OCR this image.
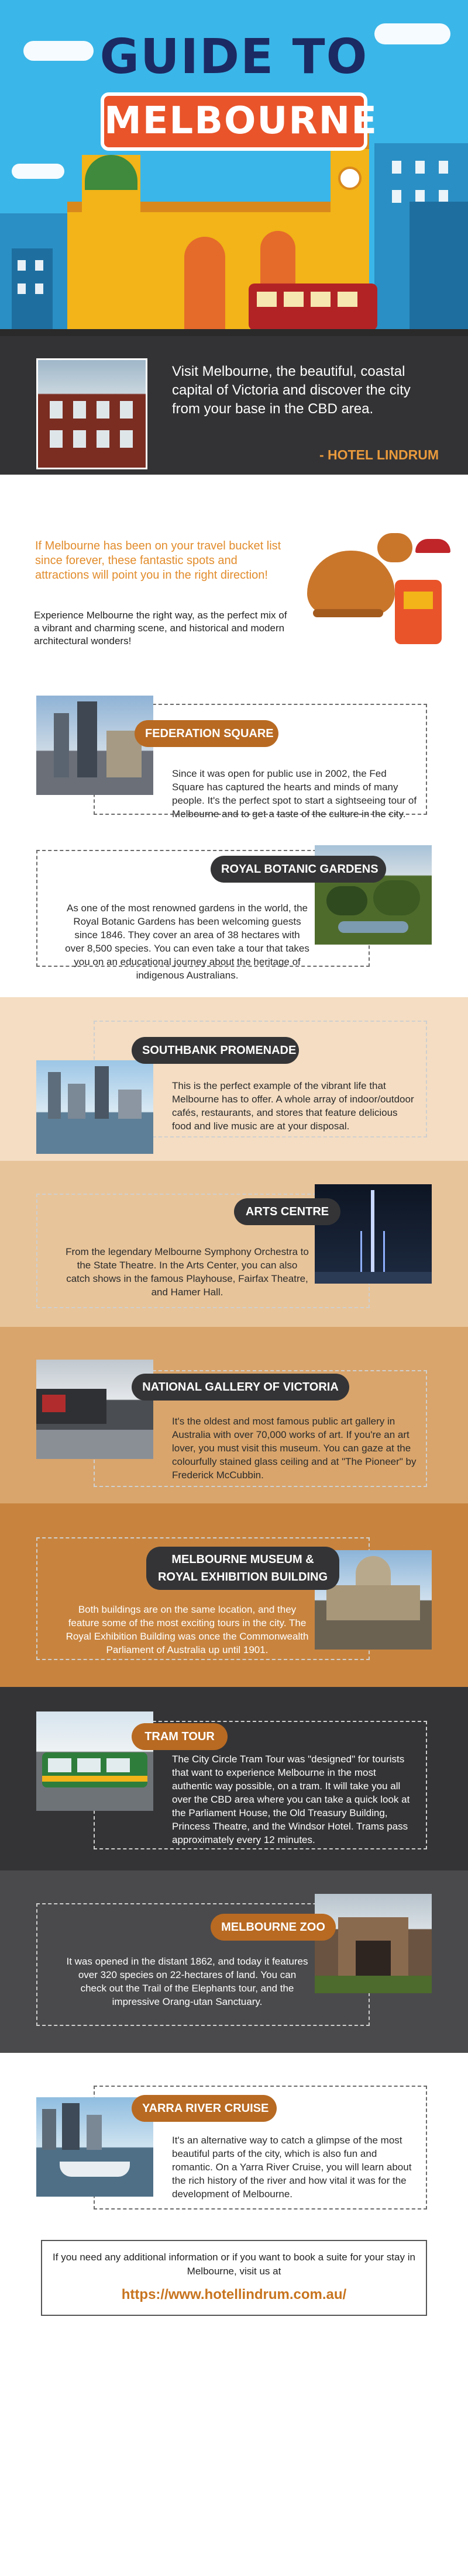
GUIDE TO
MELBOURNE
Visit Melbourne, the beautiful, coastal capital of Victoria and discover the city from your base in the CBD area.
- HOTEL LINDRUM
If Melbourne has been on your travel bucket list since forever, these fantastic spots and attractions will point you in the right direction!
Experience Melbourne the right way, as the perfect mix of a vibrant and charming scene, and historical and modern architectural wonders!
FEDERATION SQUARE
Since it was open for public use in 2002, the Fed Square has captured the hearts and minds of many people. It's the perfect spot to start a sightseeing tour of Melbourne and to get a taste of the culture in the city.
ROYAL BOTANIC GARDENS
As one of the most renowned gardens in the world, the Royal Botanic Gardens has been welcoming guests since 1846. They cover an area of 38 hectares with over 8,500 species. You can even take a tour that takes you on an educational journey about the heritage of indigenous Australians.
SOUTHBANK PROMENADE
This is the perfect example of the vibrant life that Melbourne has to offer. A whole array of indoor/outdoor cafés, restaurants, and stores that feature delicious food and live music are at your disposal.
ARTS CENTRE
From the legendary Melbourne Symphony Orchestra to the State Theatre. In the Arts Center, you can also catch shows in the famous Playhouse, Fairfax Theatre, and Hamer Hall.
NATIONAL GALLERY OF VICTORIA
It's the oldest and most famous public art gallery in Australia with over 70,000 works of art. If you're an art lover, you must visit this museum. You can gaze at the colourfully stained glass ceiling and at "The Pioneer" by Frederick McCubbin.
MELBOURNE MUSEUM &
ROYAL EXHIBITION BUILDING
Both buildings are on the same location, and they feature some of the most exciting tours in the city. The Royal Exhibition Building was once the Commonwealth Parliament of Australia up until 1901.
TRAM TOUR
The City Circle Tram Tour was "designed" for tourists that want to experience Melbourne in the most authentic way possible, on a tram. It will take you all over the CBD area where you can take a quick look at the Parliament House, the Old Treasury Building, Princess Theatre, and the Windsor Hotel. Trams pass approximately every 12 minutes.
MELBOURNE ZOO
It was opened in the distant 1862, and today it features over 320 species on 22-hectares of land. You can check out the Trail of the Elephants tour, and the impressive Orang-utan Sanctuary.
YARRA RIVER CRUISE
It's an alternative way to catch a glimpse of the most beautiful parts of the city, which is also fun and romantic. On a Yarra River Cruise, you will learn about the rich history of the river and how vital it was for the development of Melbourne.
If you need any additional information or if you want to book a suite for your stay in Melbourne, visit us at
https://www.hotellindrum.com.au/
